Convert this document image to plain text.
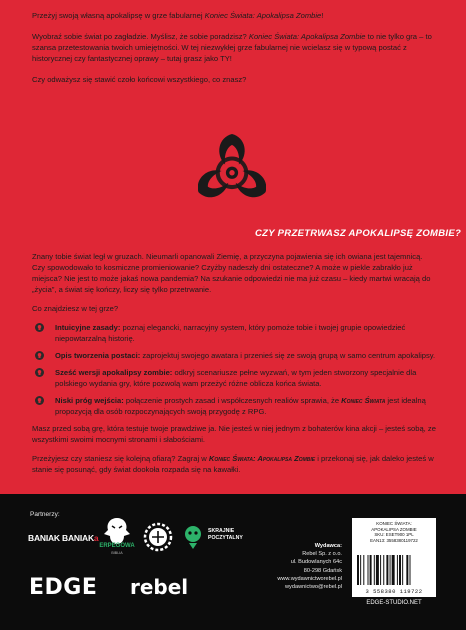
Przeżyj swoją własną apokalipsę w grze fabularnej Koniec Świata: Apokalipsa Zombie!

Wyobraź sobie świat po zagładzie. Myślisz, że sobie poradzisz? Koniec Świata: Apokalipsa Zombie to nie tylko gra – to szansa przetestowania twoich umiejętności. W tej niezwykłej grze fabularnej nie wcielasz się w typową postać z historycznej czy fantastycznej oprawy – tutaj grasz jako TY!

Czy odważysz się stawić czoło końcowi wszystkiego, co znasz?

CZY PRZETRWASZ APOKALIPSĘ ZOMBIE?

Znany tobie świat legł w gruzach. Nieumarli opanowali Ziemię, a przyczyna pojawienia się ich owiana jest tajemnicą. Czy spowodowało to kosmiczne promieniowanie? Czyżby nadeszły dni ostateczne? A może w piekle zabrakło już miejsca? Nie jest to może jakaś nowa pandemia? Na szukanie odpowiedzi nie ma już czasu – kiedy martwi wracają do „życia”, a świat się kończy, liczy się tylko przetrwanie.

Co znajdziesz w tej grze?

Intuicyjne zasady: poznaj elegancki, narracyjny system, który pomoże tobie i twojej grupie opowiedzieć niepowtarzalną historię.
Opis tworzenia postaci: zaprojektuj swojego awatara i przenieś się ze swoją grupą w samo centrum apokalipsy.
Sześć wersji apokalipsy zombie: odkryj scenariusze pełne wyzwań, w tym jeden stworzony specjalnie dla polskiego wydania gry, które pozwolą wam przeżyć różne oblicza końca świata.
Niski próg wejścia: połączenie prostych zasad i współczesnych realiów sprawia, że Koniec Świata jest idealną propozycją dla osób rozpoczynających swoją przygodę z RPG.

Masz przed sobą grę, która testuje twoje prawdziwe ja. Nie jesteś w niej jednym z bohaterów kina akcji – jesteś sobą, ze wszystkimi swoimi mocnymi stronami i słabościami.

Przeżyjesz czy staniesz się kolejną ofiarą? Zagraj w Koniec Świata: Apokalipsa Zombie i przekonaj się, jak daleko jesteś w stanie się posunąć, gdy świat dookoła rozpada się na kawałki.

Partnerzy:
BANIAK BANIAKa
ERPEGOWA
BIBLIA
SKRAJNIE POCZYTALNY
Wydawca:
Rebel Sp. z o.o.
ul. Budowlanych 64c
80-298 Gdańsk
www.wydawnictworebel.pl
wydawnictwo@rebel.pl
EDGE rebel
KONIEC ŚWIATA:
APOKALIPSA ZOMBIE
SKU: ESET900 1PL
EAN13: 3558380119722
3 558380 119722
EDGE-STUDIO.NET
